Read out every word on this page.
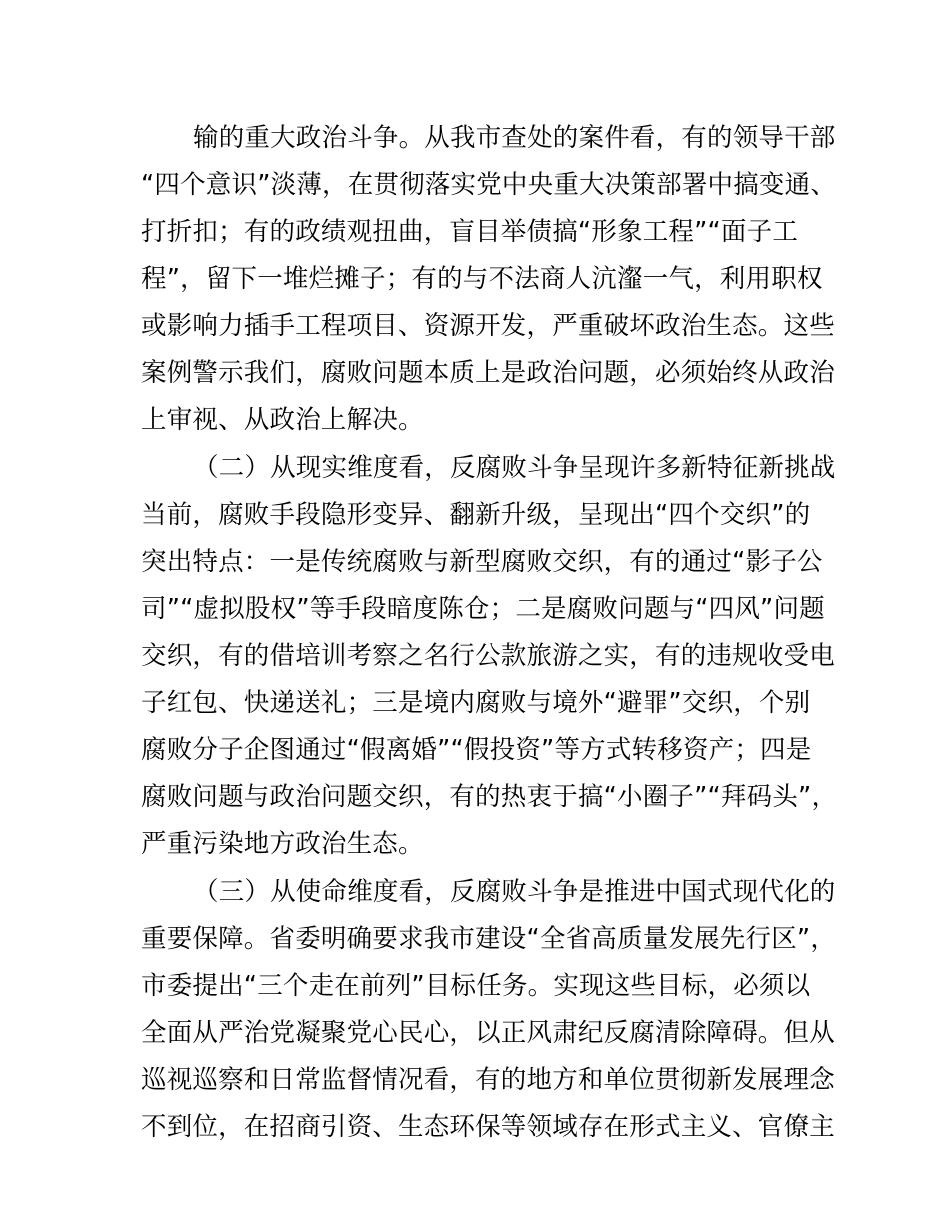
输的重大政治斗争。从我市查处的案件看，有的领导干部
“四个意识”淡薄，在贯彻落实党中央重大决策部署中搞变通、
打折扣；有的政绩观扭曲，盲目举债搞“形象工程”“面子工
程”，留下一堆烂摊子；有的与不法商人沆瀣一气，利用职权
或影响力插手工程项目、资源开发，严重破坏政治生态。这些
案例警示我们，腐败问题本质上是政治问题，必须始终从政治
上审视、从政治上解决。
（二）从现实维度看，反腐败斗争呈现许多新特征新挑战
当前，腐败手段隐形变异、翻新升级，呈现出“四个交织”的
突出特点：一是传统腐败与新型腐败交织，有的通过“影子公
司”“虚拟股权”等手段暗度陈仓；二是腐败问题与“四风”问题
交织，有的借培训考察之名行公款旅游之实，有的违规收受电
子红包、快递送礼；三是境内腐败与境外“避罪”交织，个别
腐败分子企图通过“假离婚”“假投资”等方式转移资产；四是
腐败问题与政治问题交织，有的热衷于搞“小圈子”“拜码头”，
严重污染地方政治生态。
（三）从使命维度看，反腐败斗争是推进中国式现代化的
重要保障。省委明确要求我市建设“全省高质量发展先行区”，
市委提出“三个走在前列”目标任务。实现这些目标，必须以
全面从严治党凝聚党心民心，以正风肃纪反腐清除障碍。但从
巡视巡察和日常监督情况看，有的地方和单位贯彻新发展理念
不到位，在招商引资、生态环保等领域存在形式主义、官僚主
